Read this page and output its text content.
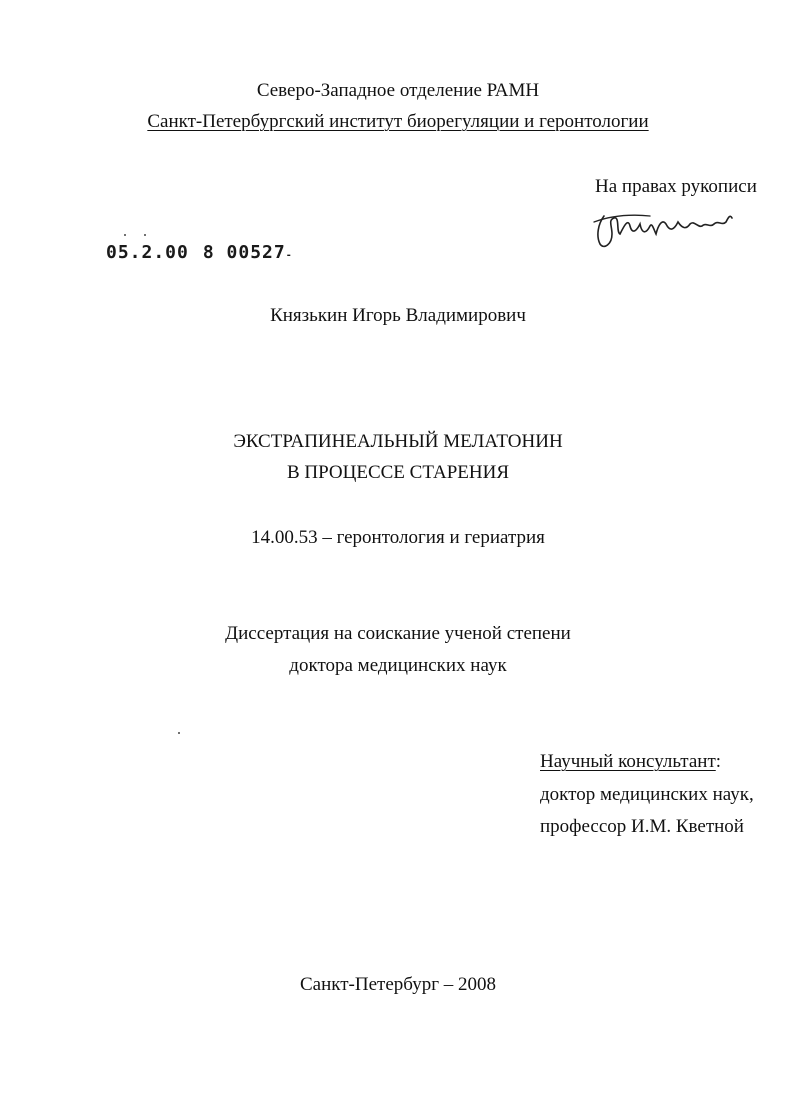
Северо-Западное отделение РАМН
Санкт-Петербургский институт биорегуляции и геронтологии
На правах рукописи
05.2.00 8 00527-
Князькин Игорь Владимирович
ЭКСТРАПИНЕАЛЬНЫЙ МЕЛАТОНИН
В ПРОЦЕССЕ СТАРЕНИЯ
14.00.53 – геронтология и гериатрия
Диссертация на соискание ученой степени
доктора медицинских наук
Научный консультант:
доктор медицинских наук,
профессор И.М. Кветной
Санкт-Петербург – 2008
